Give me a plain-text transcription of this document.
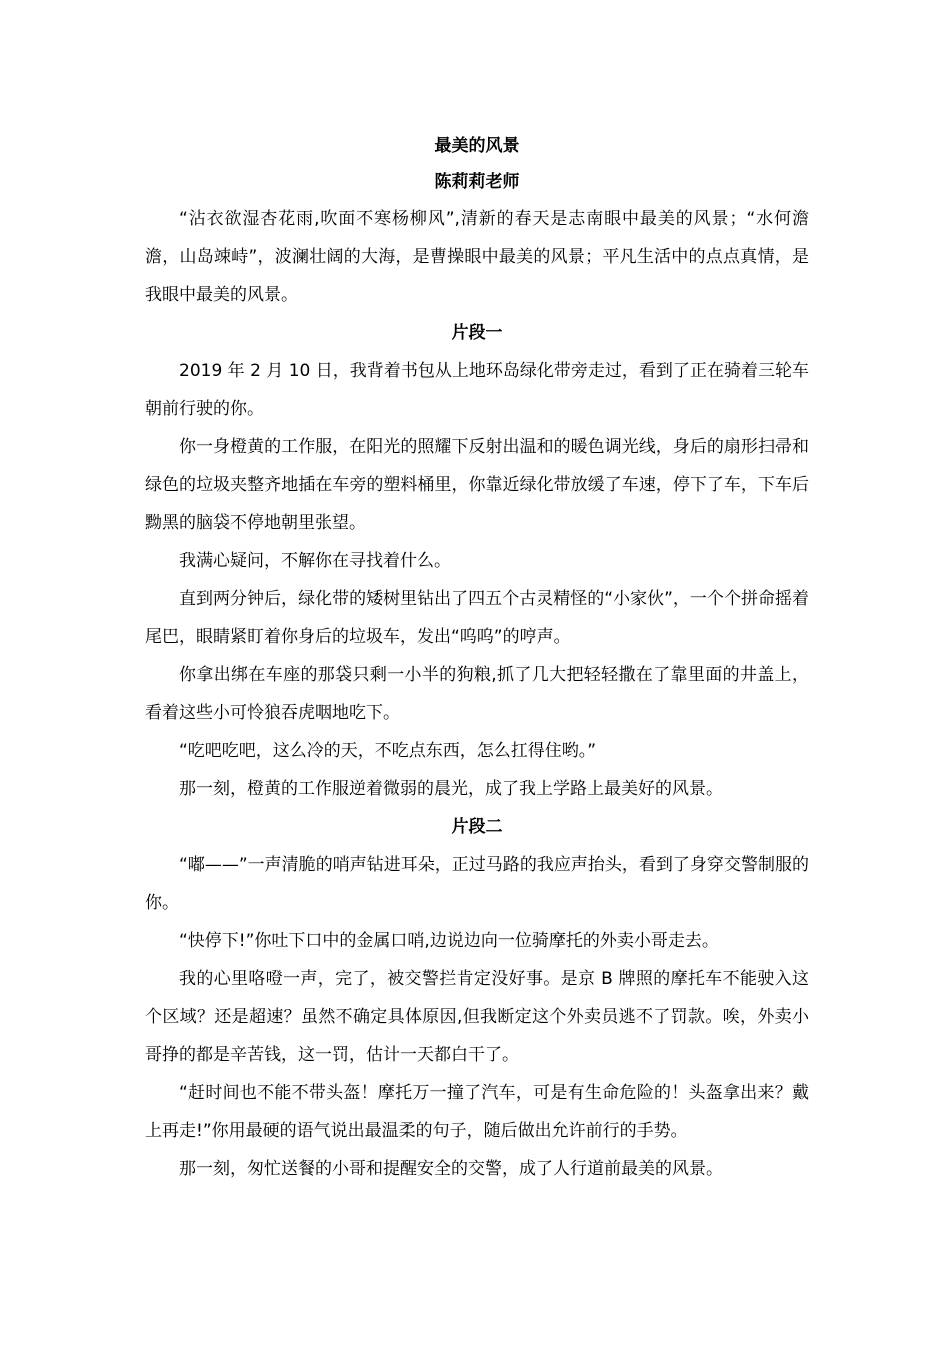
最美的风景
陈莉莉老师

“沾衣欲湿杏花雨,吹面不寒杨柳风”,清新的春天是志南眼中最美的风景；“水何澹澹，山岛竦峙”，波澜壮阔的大海，是曹操眼中最美的风景；平凡生活中的点点真情，是我眼中最美的风景。

片段一

2019 年 2 月 10 日，我背着书包从上地环岛绿化带旁走过，看到了正在骑着三轮车朝前行驶的你。

你一身橙黄的工作服，在阳光的照耀下反射出温和的暖色调光线，身后的扇形扫帚和绿色的垃圾夹整齐地插在车旁的塑料桶里，你靠近绿化带放缓了车速，停下了车，下车后黝黑的脑袋不停地朝里张望。

我满心疑问，不解你在寻找着什么。

直到两分钟后，绿化带的矮树里钻出了四五个古灵精怪的“小家伙”，一个个拼命摇着尾巴，眼睛紧盯着你身后的垃圾车，发出“呜呜”的哼声。

你拿出绑在车座的那袋只剩一小半的狗粮,抓了几大把轻轻撒在了靠里面的井盖上，看着这些小可怜狼吞虎咽地吃下。

“吃吧吃吧，这么冷的天，不吃点东西，怎么扛得住哟。”

那一刻，橙黄的工作服逆着微弱的晨光，成了我上学路上最美好的风景。

片段二

“嘟——”一声清脆的哨声钻进耳朵，正过马路的我应声抬头，看到了身穿交警制服的你。

“快停下!”你吐下口中的金属口哨,边说边向一位骑摩托的外卖小哥走去。

我的心里咯噔一声，完了，被交警拦肯定没好事。是京 B 牌照的摩托车不能驶入这个区域？还是超速？虽然不确定具体原因,但我断定这个外卖员逃不了罚款。唉，外卖小哥挣的都是辛苦钱，这一罚，估计一天都白干了。

“赶时间也不能不带头盔！摩托万一撞了汽车，可是有生命危险的！头盔拿出来？戴上再走!”你用最硬的语气说出最温柔的句子，随后做出允许前行的手势。

那一刻，匆忙送餐的小哥和提醒安全的交警，成了人行道前最美的风景。
